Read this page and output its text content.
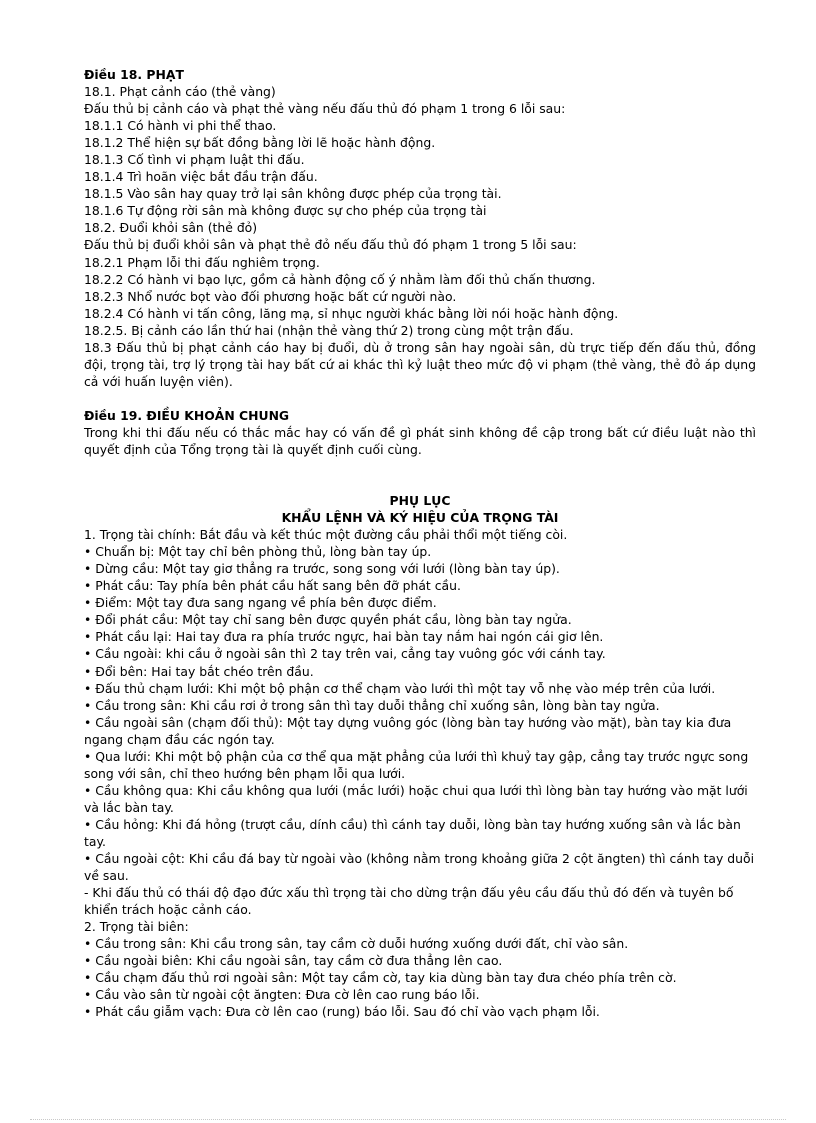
Điều 18. PHẠT
18.1. Phạt cảnh cáo (thẻ vàng)
Đấu thủ bị cảnh cáo và phạt thẻ vàng nếu đấu thủ đó phạm 1 trong 6 lỗi sau:
18.1.1 Có hành vi phi thể thao.
18.1.2 Thể hiện sự bất đồng bằng lời lẽ hoặc hành động.
18.1.3 Cố tình vi phạm luật thi đấu.
18.1.4 Trì hoãn việc bắt đầu trận đấu.
18.1.5 Vào sân hay quay trở lại sân không được phép của trọng tài.
18.1.6 Tự động rời sân mà không được sự cho phép của trọng tài
18.2. Đuổi khỏi sân (thẻ đỏ)
Đấu thủ bị đuổi khỏi sân và phạt thẻ đỏ nếu đấu thủ đó phạm 1 trong 5 lỗi sau:
18.2.1 Phạm lỗi thi đấu nghiêm trọng.
18.2.2 Có hành vi bạo lực, gồm cả hành động cố ý nhằm làm đối thủ chấn thương.
18.2.3 Nhổ nước bọt vào đối phương hoặc bất cứ người nào.
18.2.4 Có hành vi tấn công, lăng mạ, sỉ nhục người khác bằng lời nói hoặc hành động.
18.2.5. Bị cảnh cáo lần thứ hai (nhận thẻ vàng thứ 2) trong cùng một trận đấu.
18.3 Đấu thủ bị phạt cảnh cáo hay bị đuổi, dù ở trong sân hay ngoài sân, dù trực tiếp đến đấu thủ, đồng đội, trọng tài, trợ lý trọng tài hay bất cứ ai khác thì kỷ luật theo mức độ vi phạm (thẻ vàng, thẻ đỏ áp dụng cả với huấn luyện viên).
Điều 19. ĐIỀU KHOẢN CHUNG
Trong khi thi đấu nếu có thắc mắc hay có vấn đề gì phát sinh không đề cập trong bất cứ điều luật nào thì quyết định của Tổng trọng tài là quyết định cuối cùng.
PHỤ LỤC
KHẨU LỆNH VÀ KÝ HIỆU CỦA TRỌNG TÀI
1. Trọng tài chính: Bắt đầu và kết thúc một đường cầu phải thổi một tiếng còi.
• Chuẩn bị: Một tay chỉ bên phòng thủ, lòng bàn tay úp.
• Dừng cầu: Một tay giơ thẳng ra trước, song song với lưới (lòng bàn tay úp).
• Phát cầu: Tay phía bên phát cầu hất sang bên đỡ phát cầu.
• Điểm: Một tay đưa sang ngang về phía bên được điểm.
• Đổi phát cầu: Một tay chỉ sang bên được quyền phát cầu, lòng bàn tay ngửa.
• Phát cầu lại: Hai tay đưa ra phía trước ngực, hai bàn tay nắm hai ngón cái giơ lên.
• Cầu ngoài: khi cầu ở ngoài sân thì 2 tay trên vai, cẳng tay vuông góc với cánh tay.
• Đổi bên: Hai tay bắt chéo trên đầu.
• Đấu thủ chạm lưới: Khi một bộ phận cơ thể chạm vào lưới thì một tay vỗ nhẹ vào mép trên của lưới.
• Cầu trong sân: Khi cầu rơi ở trong sân thì tay duỗi thẳng chỉ xuống sân, lòng bàn tay ngửa.
• Cầu ngoài sân (chạm đối thủ): Một tay dựng vuông góc (lòng bàn tay hướng vào mặt), bàn tay kia đưa ngang chạm đầu các ngón tay.
• Qua lưới: Khi một bộ phận của cơ thể qua mặt phẳng của lưới thì khuỷ tay gập, cẳng tay trước ngực song song với sân, chỉ theo hướng bên phạm lỗi qua lưới.
• Cầu không qua: Khi cầu không qua lưới (mắc lưới) hoặc chui qua lưới thì lòng bàn tay hướng vào mặt lưới và lắc bàn tay.
• Cầu hỏng: Khi đá hỏng (trượt cầu, dính cầu) thì cánh tay duỗi, lòng bàn tay hướng xuống sân và lắc bàn tay.
• Cầu ngoài cột: Khi cầu đá bay từ ngoài vào (không nằm trong khoảng giữa 2 cột ăngten) thì cánh tay duỗi về sau.
- Khi đấu thủ có thái độ đạo đức xấu thì trọng tài cho dừng trận đấu yêu cầu đấu thủ đó đến và tuyên bố khiển trách hoặc cảnh cáo.
2. Trọng tài biên:
• Cầu trong sân: Khi cầu trong sân, tay cầm cờ duỗi hướng xuống dưới đất, chỉ vào sân.
• Cầu ngoài biên: Khi cầu ngoài sân, tay cầm cờ đưa thẳng lên cao.
• Cầu chạm đấu thủ rơi ngoài sân: Một tay cầm cờ, tay kia dùng bàn tay đưa chéo phía trên cờ.
• Cầu vào sân từ ngoài cột ăngten: Đưa cờ lên cao rung báo lỗi.
• Phát cầu giẫm vạch: Đưa cờ lên cao (rung) báo lỗi. Sau đó chỉ vào vạch phạm lỗi.
